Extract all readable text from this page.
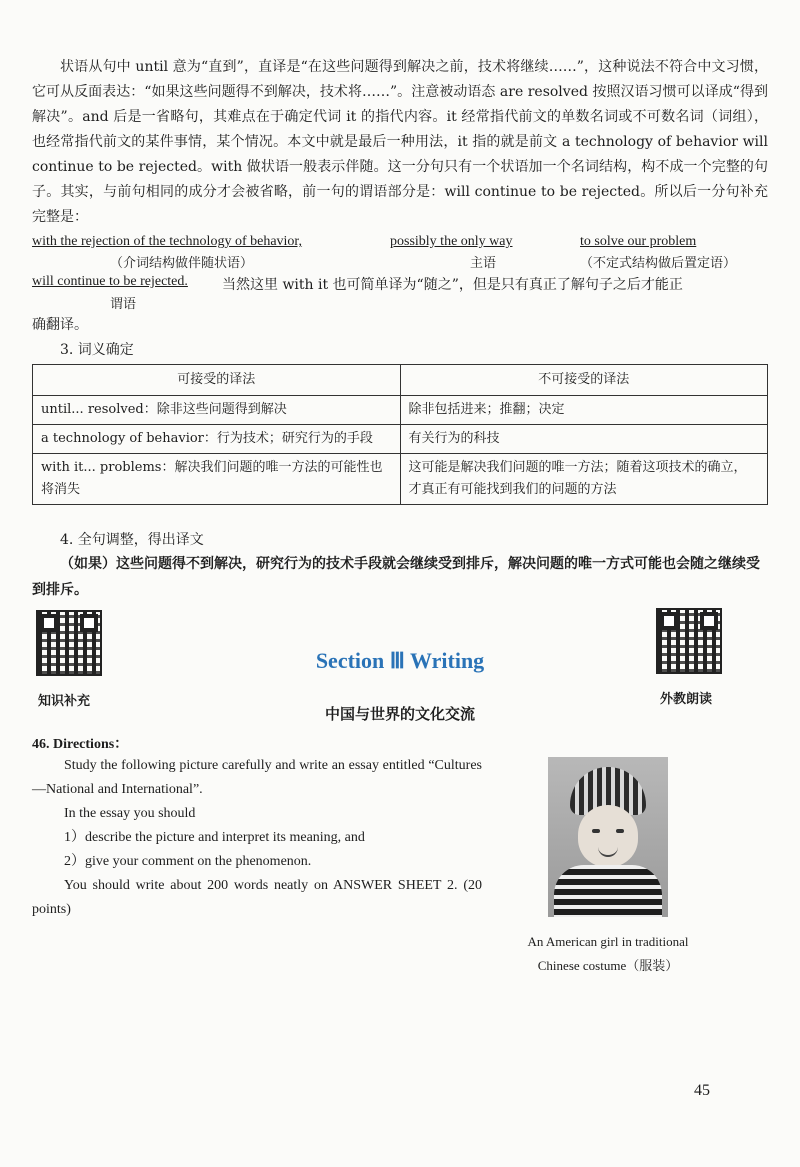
状语从句中 until 意为“直到”，直译是“在这些问题得到解决之前，技术将继续……”，这种说法不符合中文习惯，它可从反面表达：“如果这些问题得不到解决，技术将……”。注意被动语态 are resolved 按照汉语习惯可以译成“得到解决”。and 后是一省略句，其难点在于确定代词 it 的指代内容。it 经常指代前文的单数名词或不可数名词（词组），也经常指代前文的某件事情，某个情况。本文中就是最后一种用法，it 指的就是前文 a technology of behavior will continue to be rejected。with 做状语一般表示伴随。这一分句只有一个状语加一个名词结构，构不成一个完整的句子。其实，与前句相同的成分才会被省略，前一句的谓语部分是：will continue to be rejected。所以后一分句补充完整是：
with the rejection of the technology of behavior,	possibly the only way	to solve our problem
（介词结构做伴随状语）	主语	（不定式结构做后置定语）
will continue to be rejected. 当然这里 with it 也可简单译为“随之”，但是只有真正了解句子之后才能正
谓语
确翻译。
3. 词义确定
可接受的译法	不可接受的译法
until... resolved：除非这些问题得到解决	除非包括进来；推翻；决定
a technology of behavior：行为技术；研究行为的手段	有关行为的科技
with it... problems：解决我们问题的唯一方法的可能性也将消失	这可能是解决我们问题的唯一方法；随着这项技术的确立，才真正有可能找到我们的问题的方法
4. 全句调整，得出译文
（如果）这些问题得不到解决，研究行为的技术手段就会继续受到排斥，解决问题的唯一方式可能也会随之继续受到排斥。
知识补充	外教朗读
Section Ⅲ Writing
中国与世界的文化交流
46. Directions：
Study the following picture carefully and write an essay entitled “Cultures—National and International”.
In the essay you should
1）describe the picture and interpret its meaning, and
2）give your comment on the phenomenon.
You should write about 200 words neatly on ANSWER SHEET 2. (20 points)
An American girl in traditional
Chinese costume（服装）
45
